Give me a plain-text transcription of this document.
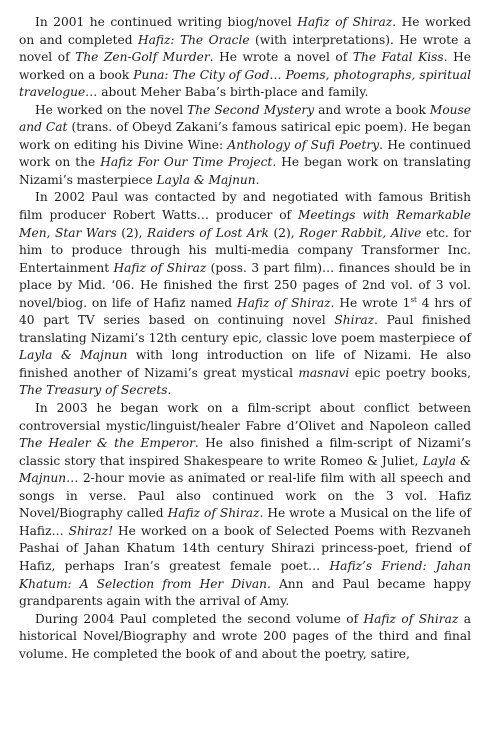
In 2001 he continued writing biog/novel Hafiz of Shiraz. He worked on and completed Hafiz: The Oracle (with interpretations). He wrote a novel of The Zen-Golf Murder. He wrote a novel of The Fatal Kiss. He worked on a book Puna: The City of God… Poems, photographs, spiritual travelogue… about Meher Baba’s birth-place and family.

He worked on the novel The Second Mystery and wrote a book Mouse and Cat (trans. of Obeyd Zakani’s famous satirical epic poem). He began work on editing his Divine Wine: Anthology of Sufi Poetry. He continued work on the Hafiz For Our Time Project. He began work on translating Nizami’s masterpiece Layla & Majnun.

In 2002 Paul was contacted by and negotiated with famous British film producer Robert Watts… producer of Meetings with Remarkable Men, Star Wars (2), Raiders of Lost Ark (2), Roger Rabbit, Alive etc. for him to produce through his multi-media company Transformer Inc. Entertainment Hafiz of Shiraz (poss. 3 part film)… finances should be in place by Mid. ‘06. He finished the first 250 pages of 2nd vol. of 3 vol. novel/biog. on life of Hafiz named Hafiz of Shiraz. He wrote 1st 4 hrs of 40 part TV series based on continuing novel Shiraz. Paul finished translating Nizami’s 12th century epic, classic love poem masterpiece of Layla & Majnun with long introduction on life of Nizami. He also finished another of Nizami’s great mystical masnavi epic poetry books, The Treasury of Secrets.

In 2003 he began work on a film-script about conflict between controversial mystic/linguist/healer Fabre d’Olivet and Napoleon called The Healer & the Emperor. He also finished a film-script of Nizami’s classic story that inspired Shakespeare to write Romeo & Juliet, Layla & Majnun… 2-hour movie as animated or real-life film with all speech and songs in verse. Paul also continued work on the 3 vol. Hafiz Novel/Biography called Hafiz of Shiraz. He wrote a Musical on the life of Hafiz… Shiraz! He worked on a book of Selected Poems with Rezvaneh Pashai of Jahan Khatum 14th century Shirazi princess-poet, friend of Hafiz, perhaps Iran’s greatest female poet… Hafiz’s Friend: Jahan Khatum: A Selection from Her Divan. Ann and Paul became happy grandparents again with the arrival of Amy.

During 2004 Paul completed the second volume of Hafiz of Shiraz a historical Novel/Biography and wrote 200 pages of the third and final volume. He completed the book of and about the poetry, satire,
